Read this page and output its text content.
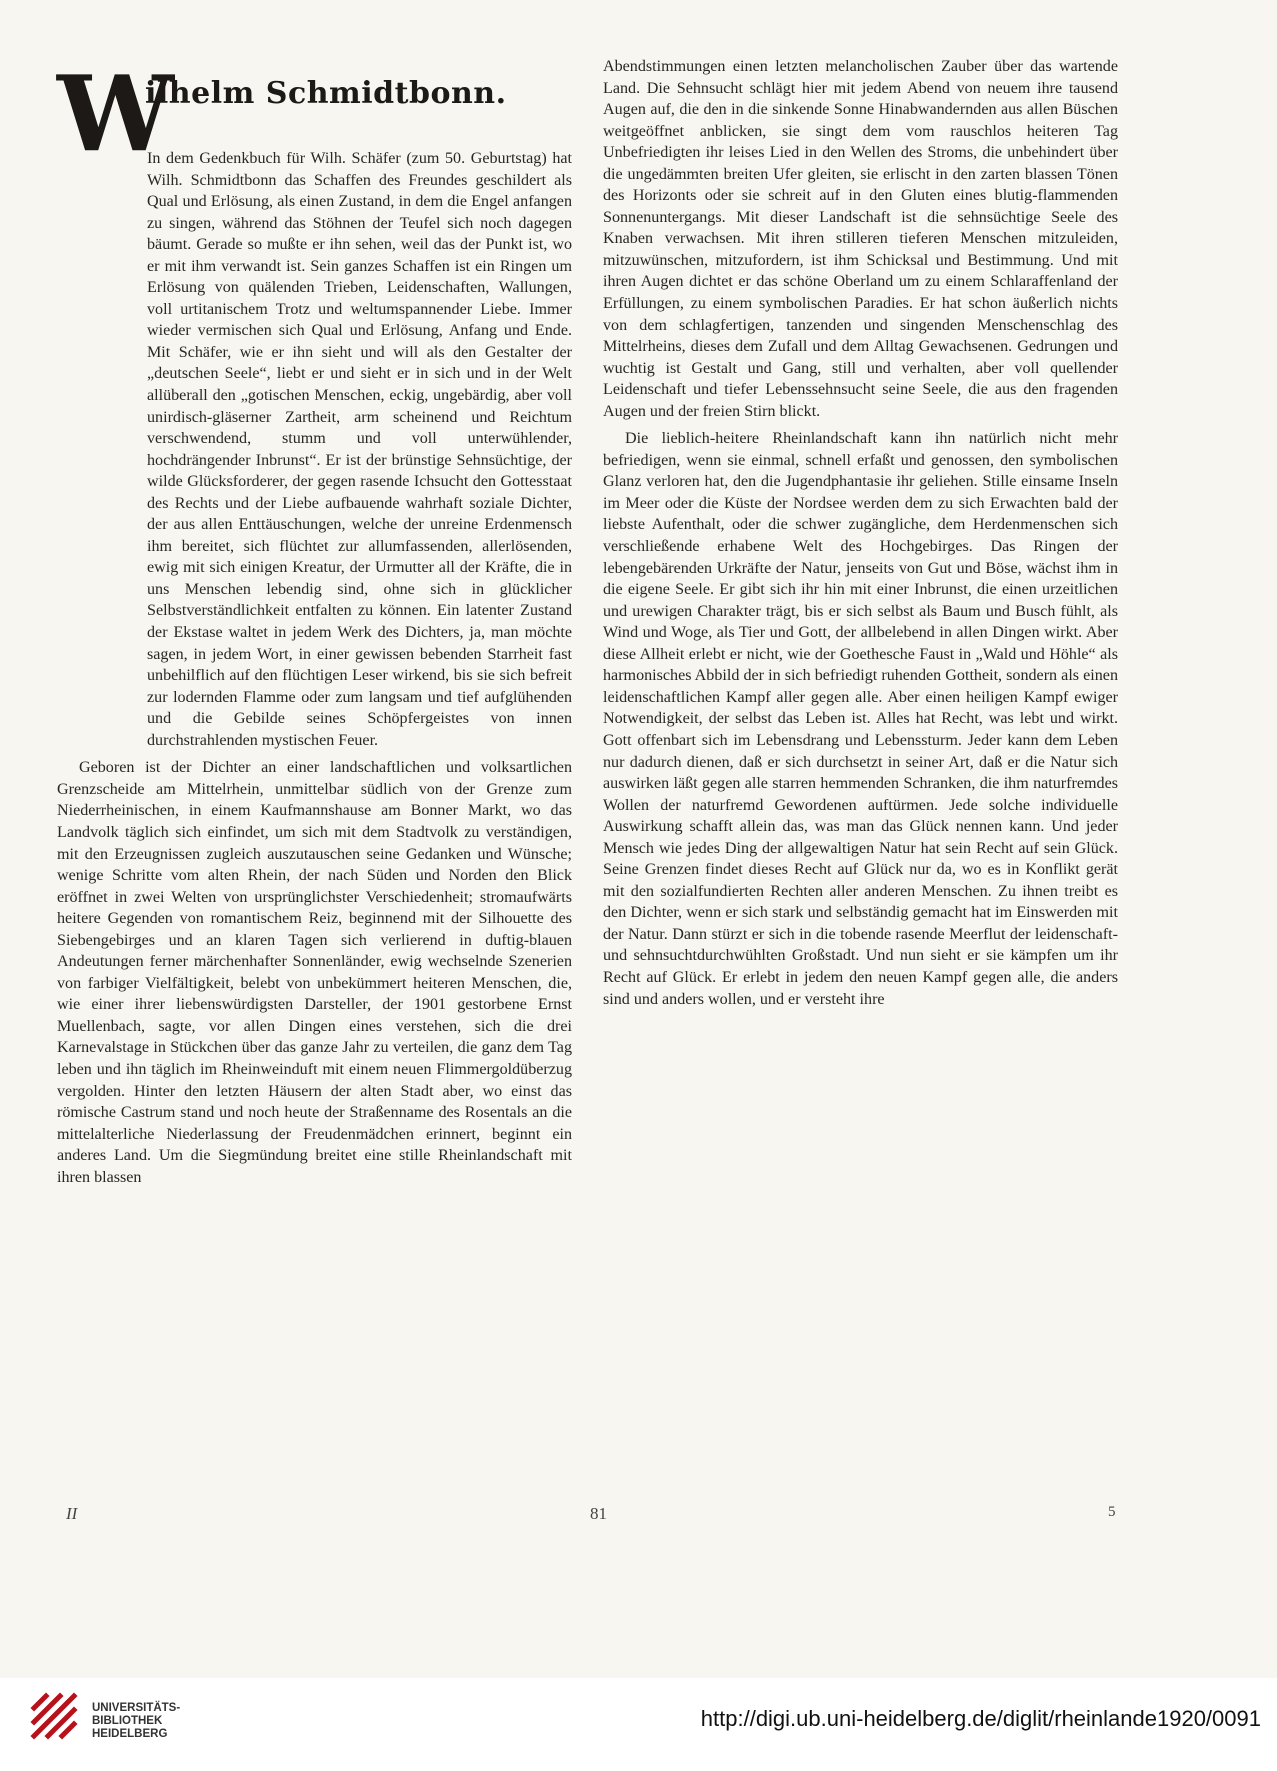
W
ilhelm Schmidtbonn.

In dem Gedenkbuch für Wilh. Schäfer (zum 50. Geburtstag) hat Wilh. Schmidtbonn das Schaffen des Freundes geschildert als Qual und Erlösung, als einen Zustand, in dem die Engel anfangen zu singen, während das Stöhnen der Teufel sich noch dagegen bäumt. Gerade so mußte er ihn sehen, weil das der Punkt ist, wo er mit ihm verwandt ist. Sein ganzes Schaffen ist ein Ringen um Erlösung von quälenden Trieben, Leidenschaften, Wallungen, voll urtitanischem Trotz und weltumspannender Liebe. Immer wieder vermischen sich Qual und Erlösung, Anfang und Ende. Mit Schäfer, wie er ihn sieht und will als den Gestalter der „deutschen Seele“, liebt er und sieht er in sich und in der Welt allüberall den „gotischen Menschen, eckig, ungebärdig, aber voll unirdisch-gläserner Zartheit, arm scheinend und Reichtum verschwendend, stumm und voll unterwühlender, hochdrängender Inbrunst“. Er ist der brünstige Sehnsüchtige, der wilde Glücksforderer, der gegen rasende Ichsucht den Gottesstaat des Rechts und der Liebe aufbauende wahrhaft soziale Dichter, der aus allen Enttäuschungen, welche der unreine Erdenmensch ihm bereitet, sich flüchtet zur allumfassenden, allerlösenden, ewig mit sich einigen Kreatur, der Urmutter all der Kräfte, die in uns Menschen lebendig sind, ohne sich in glücklicher Selbstverständlichkeit entfalten zu können. Ein latenter Zustand der Ekstase waltet in jedem Werk des Dichters, ja, man möchte sagen, in jedem Wort, in einer gewissen bebenden Starrheit fast unbehilflich auf den flüchtigen Leser wirkend, bis sie sich befreit zur lodernden Flamme oder zum langsam und tief aufglühenden und die Gebilde seines Schöpfergeistes von innen durchstrahlenden mystischen Feuer.

Geboren ist der Dichter an einer landschaftlichen und volksartlichen Grenzscheide am Mittelrhein, unmittelbar südlich von der Grenze zum Niederrheinischen, in einem Kaufmannshause am Bonner Markt, wo das Landvolk täglich sich einfindet, um sich mit dem Stadtvolk zu verständigen, mit den Erzeugnissen zugleich auszutauschen seine Gedanken und Wünsche; wenige Schritte vom alten Rhein, der nach Süden und Norden den Blick eröffnet in zwei Welten von ursprünglichster Verschiedenheit; stromaufwärts heitere Gegenden von romantischem Reiz, beginnend mit der Silhouette des Siebengebirges und an klaren Tagen sich verlierend in duftig-blauen Andeutungen ferner märchenhafter Sonnenländer, ewig wechselnde Szenerien von farbiger Vielfältigkeit, belebt von unbekümmert heiteren Menschen, die, wie einer ihrer liebenswürdigsten Darsteller, der 1901 gestorbene Ernst Muellenbach, sagte, vor allen Dingen eines verstehen, sich die drei Karnevalstage in Stückchen über das ganze Jahr zu verteilen, die ganz dem Tag leben und ihn täglich im Rheinweinduft mit einem neuen Flimmergoldüberzug vergolden. Hinter den letzten Häusern der alten Stadt aber, wo einst das römische Castrum stand und noch heute der Straßenname des Rosentals an die mittelalterliche Niederlassung der Freudenmädchen erinnert, beginnt ein anderes Land. Um die Siegmündung breitet eine stille Rheinlandschaft mit ihren blassen

Abendstimmungen einen letzten melancholischen Zauber über das wartende Land. Die Sehnsucht schlägt hier mit jedem Abend von neuem ihre tausend Augen auf, die den in die sinkende Sonne Hinabwandernden aus allen Büschen weitgeöffnet anblicken, sie singt dem vom rauschlos heiteren Tag Unbefriedigten ihr leises Lied in den Wellen des Stroms, die unbehindert über die ungedämmten breiten Ufer gleiten, sie erlischt in den zarten blassen Tönen des Horizonts oder sie schreit auf in den Gluten eines blutig-flammenden Sonnenuntergangs. Mit dieser Landschaft ist die sehnsüchtige Seele des Knaben verwachsen. Mit ihren stilleren tieferen Menschen mitzuleiden, mitzuwünschen, mitzufordern, ist ihm Schicksal und Bestimmung. Und mit ihren Augen dichtet er das schöne Oberland um zu einem Schlaraffenland der Erfüllungen, zu einem symbolischen Paradies. Er hat schon äußerlich nichts von dem schlagfertigen, tanzenden und singenden Menschenschlag des Mittelrheins, dieses dem Zufall und dem Alltag Gewachsenen. Gedrungen und wuchtig ist Gestalt und Gang, still und verhalten, aber voll quellender Leidenschaft und tiefer Lebenssehnsucht seine Seele, die aus den fragenden Augen und der freien Stirn blickt.

Die lieblich-heitere Rheinlandschaft kann ihn natürlich nicht mehr befriedigen, wenn sie einmal, schnell erfaßt und genossen, den symbolischen Glanz verloren hat, den die Jugendphantasie ihr geliehen. Stille einsame Inseln im Meer oder die Küste der Nordsee werden dem zu sich Erwachten bald der liebste Aufenthalt, oder die schwer zugängliche, dem Herdenmenschen sich verschließende erhabene Welt des Hochgebirges. Das Ringen der lebengebärenden Urkräfte der Natur, jenseits von Gut und Böse, wächst ihm in die eigene Seele. Er gibt sich ihr hin mit einer Inbrunst, die einen urzeitlichen und urewigen Charakter trägt, bis er sich selbst als Baum und Busch fühlt, als Wind und Woge, als Tier und Gott, der allbelebend in allen Dingen wirkt. Aber diese Allheit erlebt er nicht, wie der Goethesche Faust in „Wald und Höhle“ als harmonisches Abbild der in sich befriedigt ruhenden Gottheit, sondern als einen leidenschaftlichen Kampf aller gegen alle. Aber einen heiligen Kampf ewiger Notwendigkeit, der selbst das Leben ist. Alles hat Recht, was lebt und wirkt. Gott offenbart sich im Lebensdrang und Lebenssturm. Jeder kann dem Leben nur dadurch dienen, daß er sich durchsetzt in seiner Art, daß er die Natur sich auswirken läßt gegen alle starren hemmenden Schranken, die ihm naturfremdes Wollen der naturfremd Gewordenen auftürmen. Jede solche individuelle Auswirkung schafft allein das, was man das Glück nennen kann. Und jeder Mensch wie jedes Ding der allgewaltigen Natur hat sein Recht auf sein Glück. Seine Grenzen findet dieses Recht auf Glück nur da, wo es in Konflikt gerät mit den sozialfundierten Rechten aller anderen Menschen. Zu ihnen treibt es den Dichter, wenn er sich stark und selbständig gemacht hat im Einswerden mit der Natur. Dann stürzt er sich in die tobende rasende Meerflut der leidenschaft- und sehnsuchtdurchwühlten Großstadt. Und nun sieht er sie kämpfen um ihr Recht auf Glück. Er erlebt in jedem den neuen Kampf gegen alle, die anders sind und anders wollen, und er versteht ihre

II	81	5
UNIVERSITÄTS-
BIBLIOTHEK
HEIDELBERG
http://digi.ub.uni-heidelberg.de/diglit/rheinlande1920/0091
